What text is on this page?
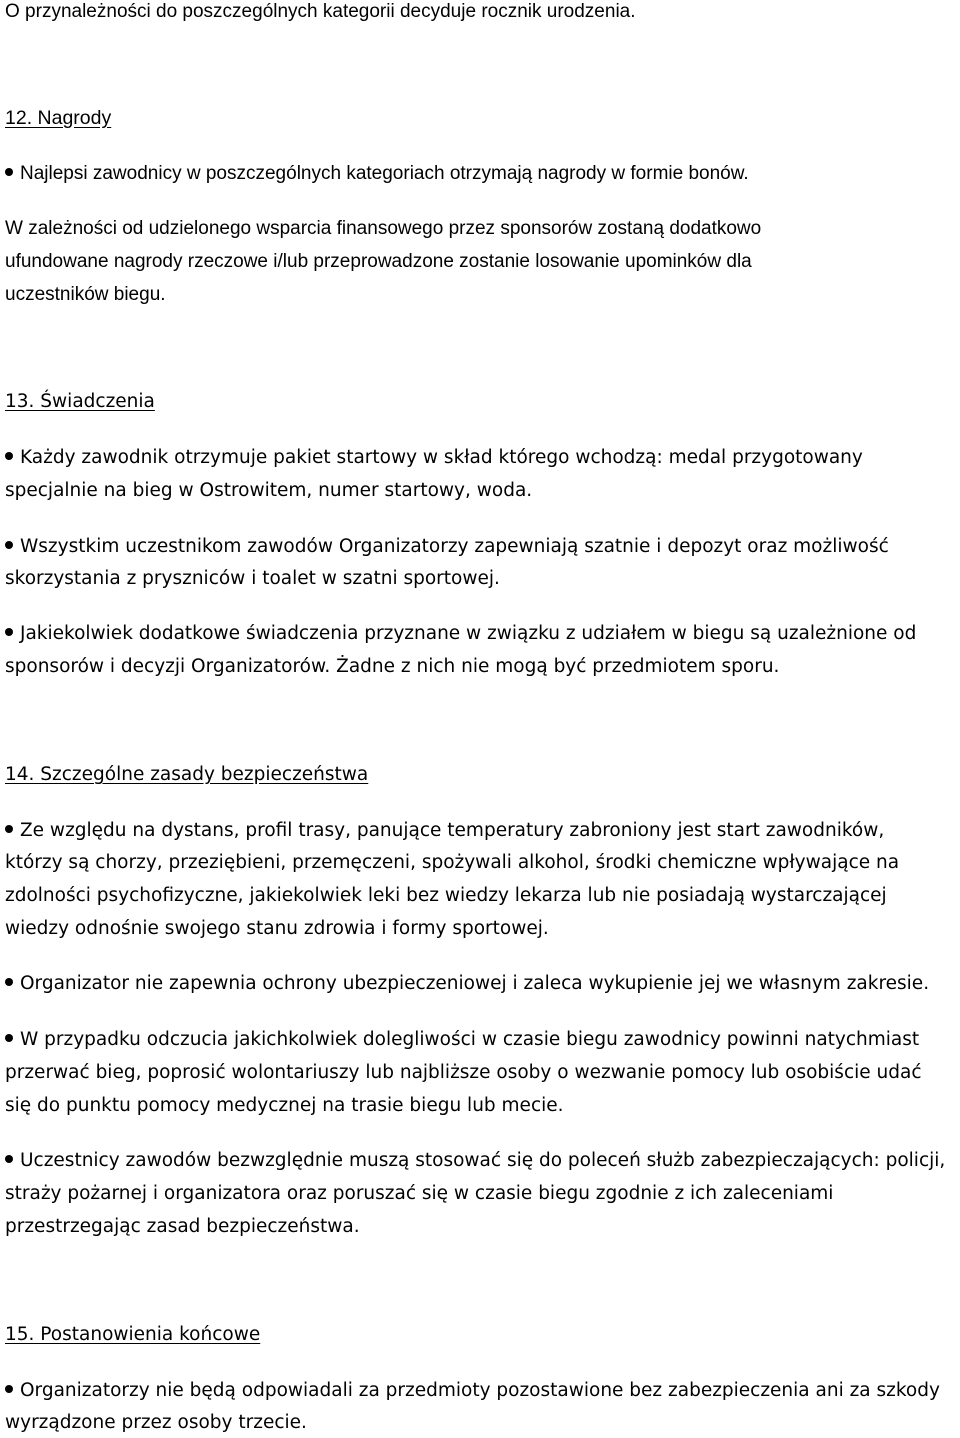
O przynależności do poszczególnych kategorii decyduje rocznik urodzenia.
12. Nagrody
Najlepsi zawodnicy w poszczególnych kategoriach otrzymają nagrody w formie bonów.
W zależności od udzielonego wsparcia finansowego przez sponsorów zostaną dodatkowo
ufundowane nagrody rzeczowe i/lub przeprowadzone zostanie losowanie upominków dla
uczestników biegu.
13. Świadczenia
Każdy zawodnik otrzymuje pakiet startowy w skład którego wchodzą: medal przygotowany
specjalnie na bieg w Ostrowitem, numer startowy, woda.
Wszystkim uczestnikom zawodów Organizatorzy zapewniają szatnie i depozyt oraz możliwość
skorzystania z pryszniców i toalet w szatni sportowej.
Jakiekolwiek dodatkowe świadczenia przyznane w związku z udziałem w biegu są uzależnione od
sponsorów i decyzji Organizatorów. Żadne z nich nie mogą być przedmiotem sporu.
14. Szczególne zasady bezpieczeństwa
Ze względu na dystans, profil trasy, panujące temperatury zabroniony jest start zawodników,
którzy są chorzy, przeziębieni, przemęczeni, spożywali alkohol, środki chemiczne wpływające na
zdolności psychofizyczne, jakiekolwiek leki bez wiedzy lekarza lub nie posiadają wystarczającej
wiedzy odnośnie swojego stanu zdrowia i formy sportowej.
Organizator nie zapewnia ochrony ubezpieczeniowej i zaleca wykupienie jej we własnym zakresie.
W przypadku odczucia jakichkolwiek dolegliwości w czasie biegu zawodnicy powinni natychmiast
przerwać bieg, poprosić wolontariuszy lub najbliższe osoby o wezwanie pomocy lub osobiście udać
się do punktu pomocy medycznej na trasie biegu lub mecie.
Uczestnicy zawodów bezwzględnie muszą stosować się do poleceń służb zabezpieczających: policji,
straży pożarnej i organizatora oraz poruszać się w czasie biegu zgodnie z ich zaleceniami
przestrzegając zasad bezpieczeństwa.
15. Postanowienia końcowe
Organizatorzy nie będą odpowiadali za przedmioty pozostawione bez zabezpieczenia ani za szkody
wyrządzone przez osoby trzecie.
